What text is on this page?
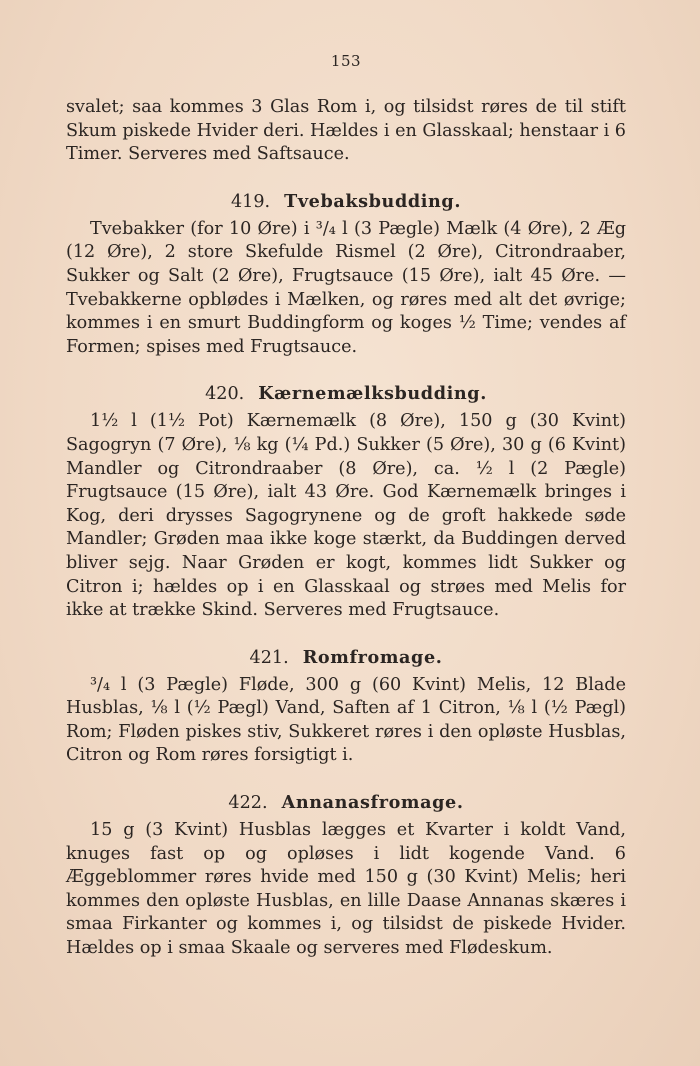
153

svalet; saa kommes 3 Glas Rom i, og tilsidst røres de til stift Skum piskede Hvider deri. Hældes i en Glasskaal; henstaar i 6 Timer. Serveres med Saftsauce.

419. Tvebaksbudding.

Tvebakker (for 10 Øre) i ³/₄ l (3 Pægle) Mælk (4 Øre), 2 Æg (12 Øre), 2 store Skefulde Rismel (2 Øre), Citrondraaber, Sukker og Salt (2 Øre), Frugtsauce (15 Øre), ialt 45 Øre. — Tvebakkerne opblødes i Mælken, og røres med alt det øvrige; kommes i en smurt Buddingform og koges ½ Time; vendes af Formen; spises med Frugtsauce.

420. Kærnemælksbudding.

1½ l (1½ Pot) Kærnemælk (8 Øre), 150 g (30 Kvint) Sagogryn (7 Øre), ⅛ kg (¼ Pd.) Sukker (5 Øre), 30 g (6 Kvint) Mandler og Citrondraaber (8 Øre), ca. ½ l (2 Pægle) Frugtsauce (15 Øre), ialt 43 Øre. God Kærnemælk bringes i Kog, deri drysses Sagogrynene og de groft hakkede søde Mandler; Grøden maa ikke koge stærkt, da Buddingen derved bliver sejg. Naar Grøden er kogt, kommes lidt Sukker og Citron i; hældes op i en Glasskaal og strøes med Melis for ikke at trække Skind. Serveres med Frugtsauce.

421. Romfromage.

³/₄ l (3 Pægle) Fløde, 300 g (60 Kvint) Melis, 12 Blade Husblas, ⅛ l (½ Pægl) Vand, Saften af 1 Citron, ⅛ l (½ Pægl) Rom; Fløden piskes stiv, Sukkeret røres i den opløste Husblas, Citron og Rom røres forsigtigt i.

422. Annanasfromage.

15 g (3 Kvint) Husblas lægges et Kvarter i koldt Vand, knuges fast op og opløses i lidt kogende Vand. 6 Æggeblommer røres hvide med 150 g (30 Kvint) Melis; heri kommes den opløste Husblas, en lille Daase Annanas skæres i smaa Firkanter og kommes i, og tilsidst de piskede Hvider. Hældes op i smaa Skaale og serveres med Flødeskum.
